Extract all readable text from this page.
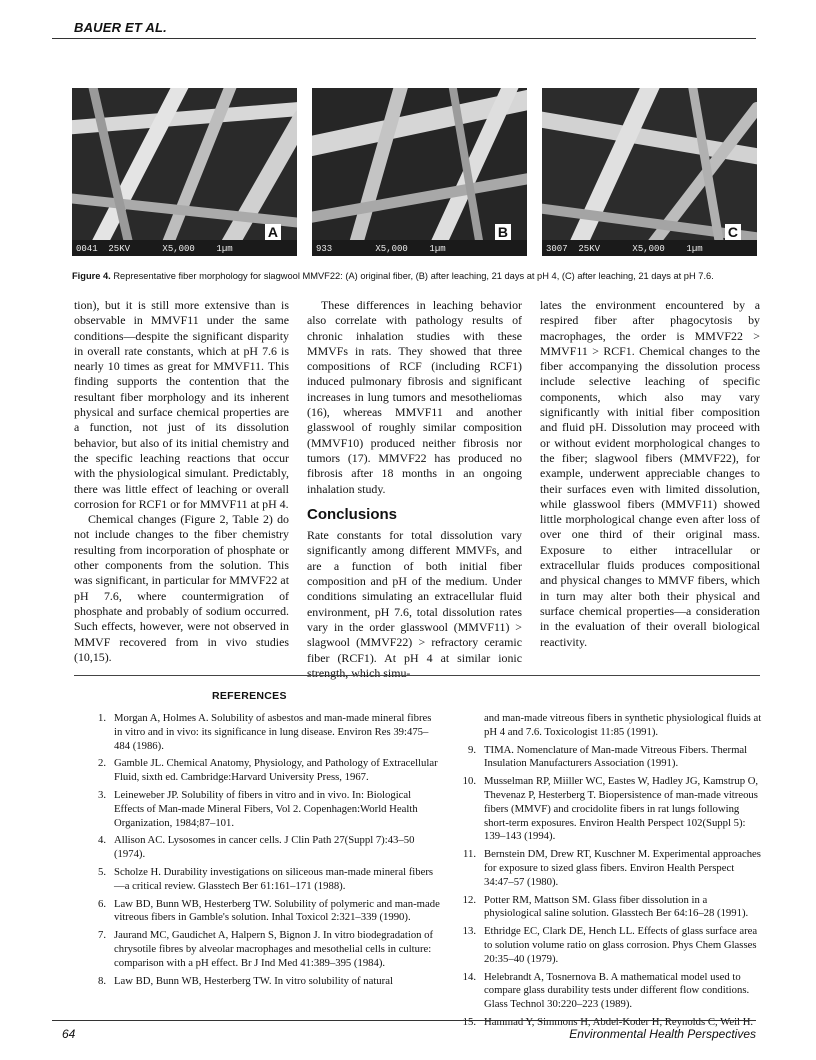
BAUER ET AL.
0041  25KV      X5,000    1µm
A
933        X5,000    1µm
B
3007  25KV      X5,000    1µm
C
Figure 4. Representative fiber morphology for slagwool MMVF22: (A) original fiber, (B) after leaching, 21 days at pH 4, (C) after leaching, 21 days at pH 7.6.

tion), but it is still more extensive than is observable in MMVF11 under the same conditions—despite the significant disparity in overall rate constants, which at pH 7.6 is nearly 10 times as great for MMVF11. This finding supports the contention that the resultant fiber morphology and its inherent physical and surface chemical properties are a function, not just of its dissolution behavior, but also of its initial chemistry and the specific leaching reactions that occur with the physiological simulant. Predictably, there was little effect of leaching or overall corrosion for RCF1 or for MMVF11 at pH 4.

Chemical changes (Figure 2, Table 2) do not include changes to the fiber chemistry resulting from incorporation of phosphate or other components from the solution. This was significant, in particular for MMVF22 at pH 7.6, where countermigration of phosphate and probably of sodium occurred. Such effects, however, were not observed in MMVF recovered from in vivo studies (10,15).

These differences in leaching behavior also correlate with pathology results of chronic inhalation studies with these MMVFs in rats. They showed that three compositions of RCF (including RCF1) induced pulmonary fibrosis and significant increases in lung tumors and mesotheliomas (16), whereas MMVF11 and another glasswool of roughly similar composition (MMVF10) produced neither fibrosis nor tumors (17). MMVF22 has produced no fibrosis after 18 months in an ongoing inhalation study.

Conclusions

Rate constants for total dissolution vary significantly among different MMVFs, and are a function of both initial fiber composition and pH of the medium. Under conditions simulating an extracellular fluid environment, pH 7.6, total dissolution rates vary in the order glasswool (MMVF11) > slagwool (MMVF22) > refractory ceramic fiber (RCF1). At pH 4 at similar ionic strength, which simu-

lates the environment encountered by a respired fiber after phagocytosis by macrophages, the order is MMVF22 > MMVF11 > RCF1. Chemical changes to the fiber accompanying the dissolution process include selective leaching of specific components, which also may vary significantly with initial fiber composition and fluid pH. Dissolution may proceed with or without evident morphological changes to the fiber; slagwool fibers (MMVF22), for example, underwent appreciable changes to their surfaces even with limited dissolution, while glasswool fibers (MMVF11) showed little morphological change even after loss of over one third of their original mass. Exposure to either intracellular or extracellular fluids produces compositional and physical changes to MMVF fibers, which in turn may alter both their physical and surface chemical properties—a consideration in the evaluation of their overall biological reactivity.

REFERENCES
1. Morgan A, Holmes A. Solubility of asbestos and man-made mineral fibres in vitro and in vivo: its significance in lung disease. Environ Res 39:475–484 (1986).
2. Gamble JL. Chemical Anatomy, Physiology, and Pathology of Extracellular Fluid, sixth ed. Cambridge:Harvard University Press, 1967.
3. Leineweber JP. Solubility of fibers in vitro and in vivo. In: Biological Effects of Man-made Mineral Fibers, Vol 2. Copenhagen:World Health Organization, 1984;87–101.
4. Allison AC. Lysosomes in cancer cells. J Clin Path 27(Suppl 7):43–50 (1974).
5. Scholze H. Durability investigations on siliceous man-made mineral fibers—a critical review. Glasstech Ber 61:161–171 (1988).
6. Law BD, Bunn WB, Hesterberg TW. Solubility of polymeric and man-made vitreous fibers in Gamble's solution. Inhal Toxicol 2:321–339 (1990).
7. Jaurand MC, Gaudichet A, Halpern S, Bignon J. In vitro biodegradation of chrysotile fibres by alveolar macrophages and mesothelial cells in culture: comparison with a pH effect. Br J Ind Med 41:389–395 (1984).
8. Law BD, Bunn WB, Hesterberg TW. In vitro solubility of natural
and man-made vitreous fibers in synthetic physiological fluids at pH 4 and 7.6. Toxicologist 11:85 (1991).
9. TIMA. Nomenclature of Man-made Vitreous Fibers. Thermal Insulation Manufacturers Association (1991).
10. Musselman RP, Miiller WC, Eastes W, Hadley JG, Kamstrup O, Thevenaz P, Hesterberg T. Biopersistence of man-made vitreous fibers (MMVF) and crocidolite fibers in rat lungs following short-term exposures. Environ Health Perspect 102(Suppl 5): 139–143 (1994).
11. Bernstein DM, Drew RT, Kuschner M. Experimental approaches for exposure to sized glass fibers. Environ Health Perspect 34:47–57 (1980).
12. Potter RM, Mattson SM. Glass fiber dissolution in a physiological saline solution. Glasstech Ber 64:16–28 (1991).
13. Ethridge EC, Clark DE, Hench LL. Effects of glass surface area to solution volume ratio on glass corrosion. Phys Chem Glasses 20:35–40 (1979).
14. Helebrandt A, Tosnernova B. A mathematical model used to compare glass durability tests under different flow conditions. Glass Technol 30:220–223 (1989).
15. Hammad Y, Simmons H, Abdel-Koder H, Reynolds C, Weil H.
64	Environmental Health Perspectives
